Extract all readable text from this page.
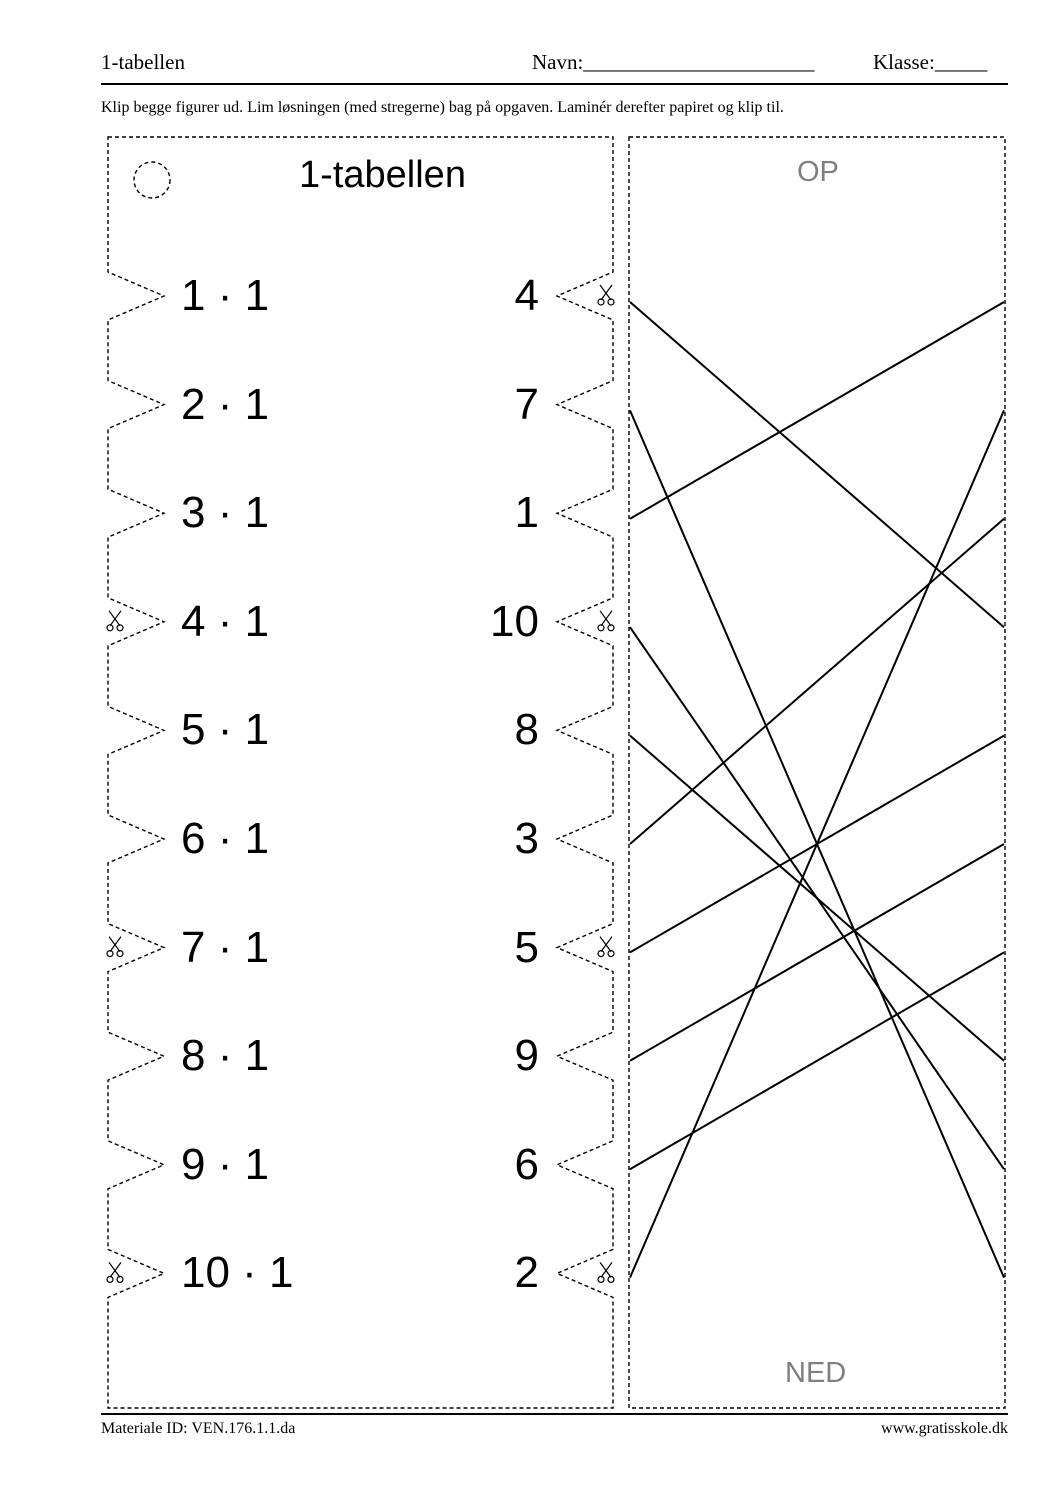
1-tabellen	Navn:______________________	Klasse:_____
Klip begge figurer ud. Lim løsningen (med stregerne) bag på opgaven. Laminér derefter papiret og klip til.
1-tabellen
1 · 1	4
2 · 1	7
3 · 1	1
4 · 1	10
5 · 1	8
6 · 1	3
7 · 1	5
8 · 1	9
9 · 1	6
10 · 1	2
OP
NED
Materiale ID: VEN.176.1.1.da	www.gratisskole.dk
